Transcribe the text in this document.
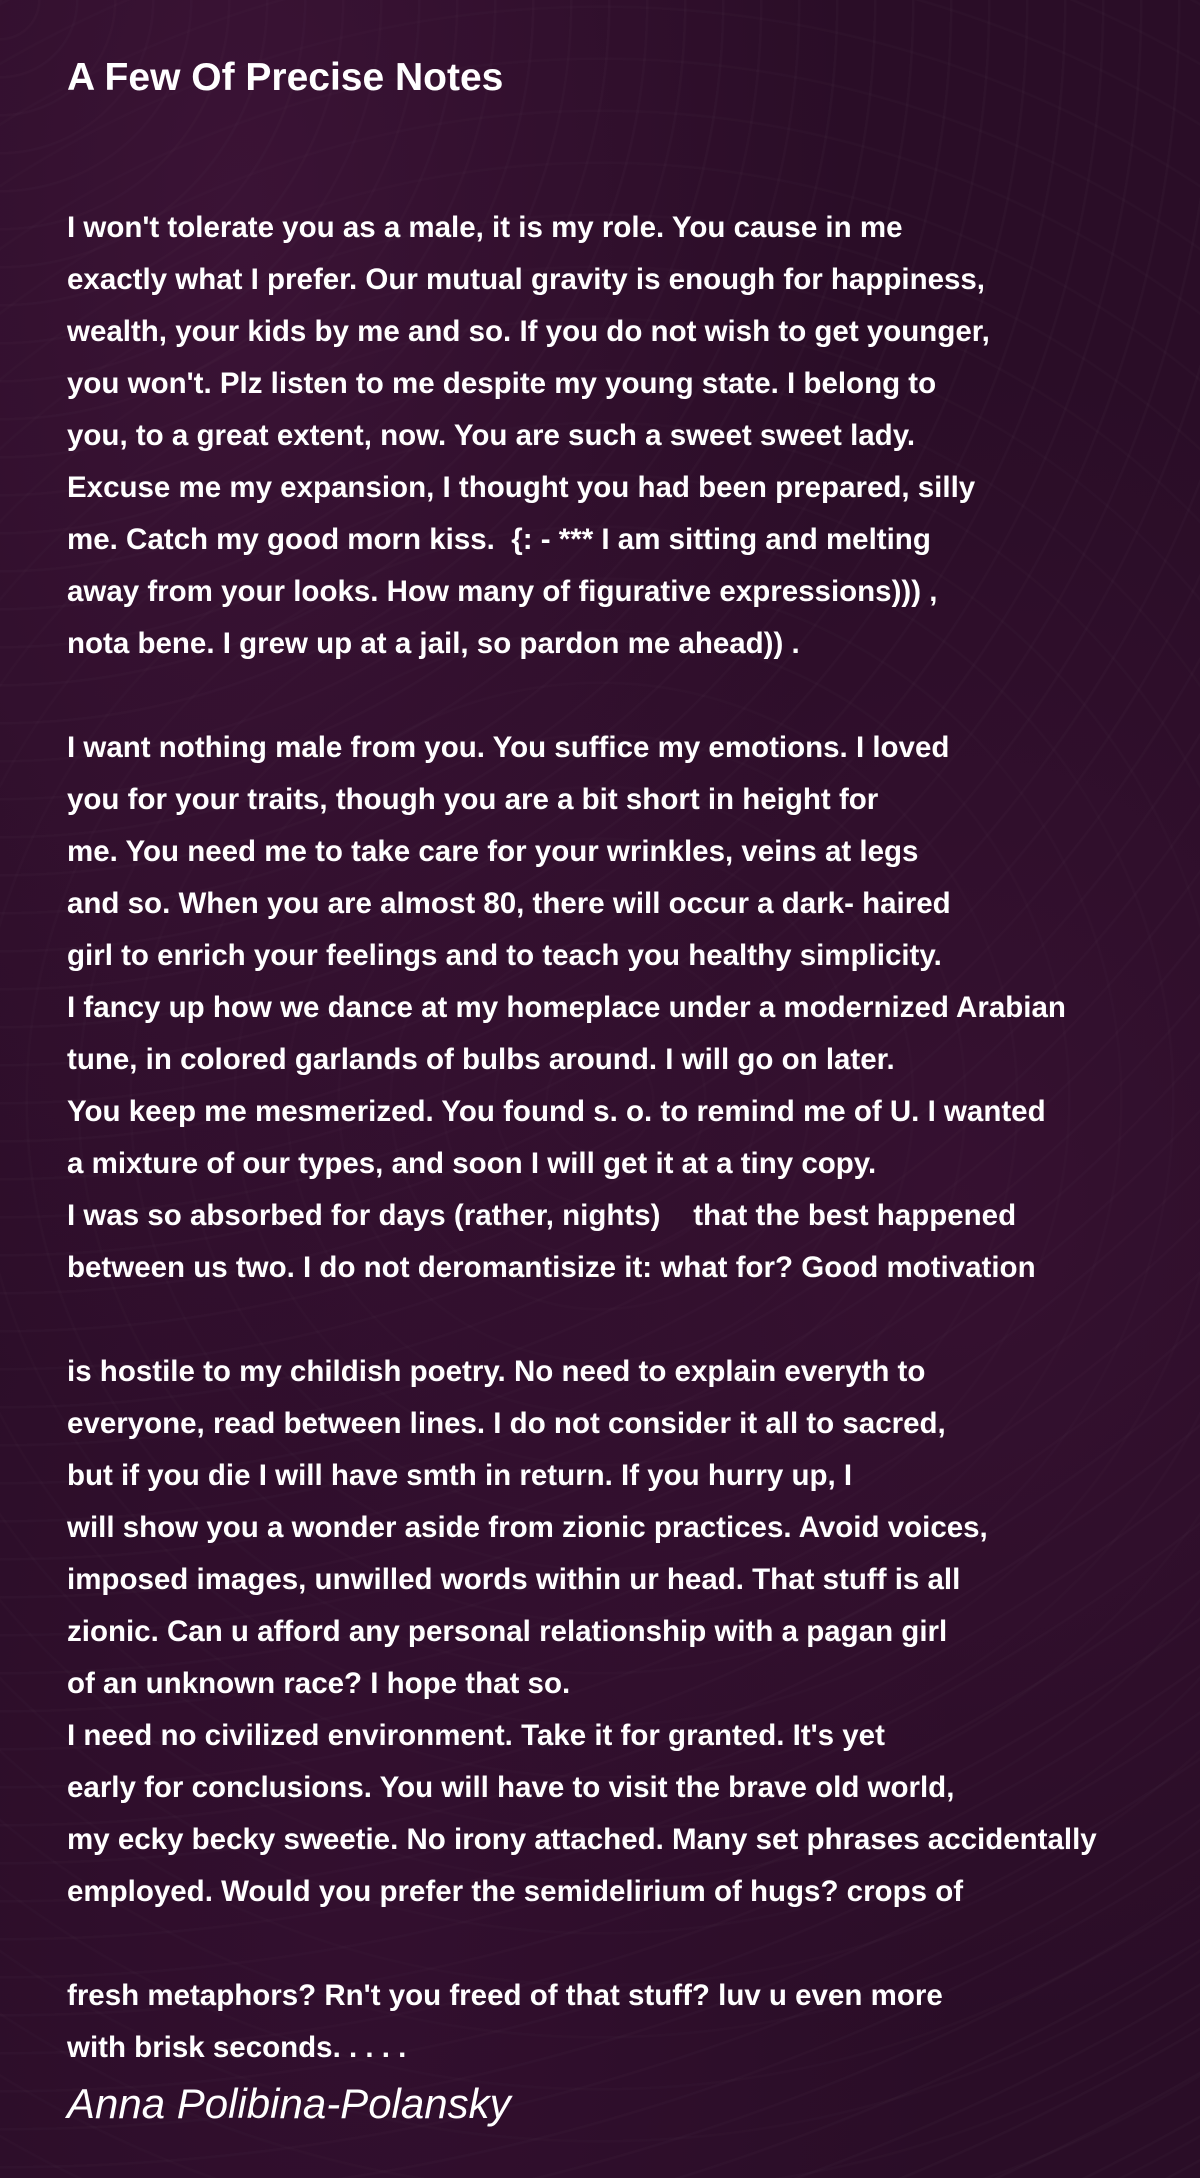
A Few Of Precise Notes

I won't tolerate you as a male, it is my role. You cause in me
exactly what I prefer. Our mutual gravity is enough for happiness,
wealth, your kids by me and so. If you do not wish to get younger,
you won't. Plz listen to me despite my young state. I belong to
you, to a great extent, now. You are such a sweet sweet lady.
Excuse me my expansion, I thought you had been prepared, silly
me. Catch my good morn kiss.  {: - *** I am sitting and melting
away from your looks. How many of figurative expressions))) ,
nota bene. I grew up at a jail, so pardon me ahead)) .

I want nothing male from you. You suffice my emotions. I loved
you for your traits, though you are a bit short in height for
me. You need me to take care for your wrinkles, veins at legs
and so. When you are almost 80, there will occur a dark- haired
girl to enrich your feelings and to teach you healthy simplicity.
I fancy up how we dance at my homeplace under a modernized Arabian
tune, in colored garlands of bulbs around. I will go on later.
You keep me mesmerized. You found s. o. to remind me of U. I wanted
a mixture of our types, and soon I will get it at a tiny copy.
I was so absorbed for days (rather, nights)    that the best happened
between us two. I do not deromantisize it: what for? Good motivation

is hostile to my childish poetry. No need to explain everyth to
everyone, read between lines. I do not consider it all to sacred,
but if you die I will have smth in return. If you hurry up, I
will show you a wonder aside from zionic practices. Avoid voices,
imposed images, unwilled words within ur head. That stuff is all
zionic. Can u afford any personal relationship with a pagan girl
of an unknown race? I hope that so.
I need no civilized environment. Take it for granted. It's yet
early for conclusions. You will have to visit the brave old world,
my ecky becky sweetie. No irony attached. Many set phrases accidentally
employed. Would you prefer the semidelirium of hugs? crops of

fresh metaphors? Rn't you freed of that stuff? luv u even more
with brisk seconds. . . . .

Anna Polibina-Polansky
